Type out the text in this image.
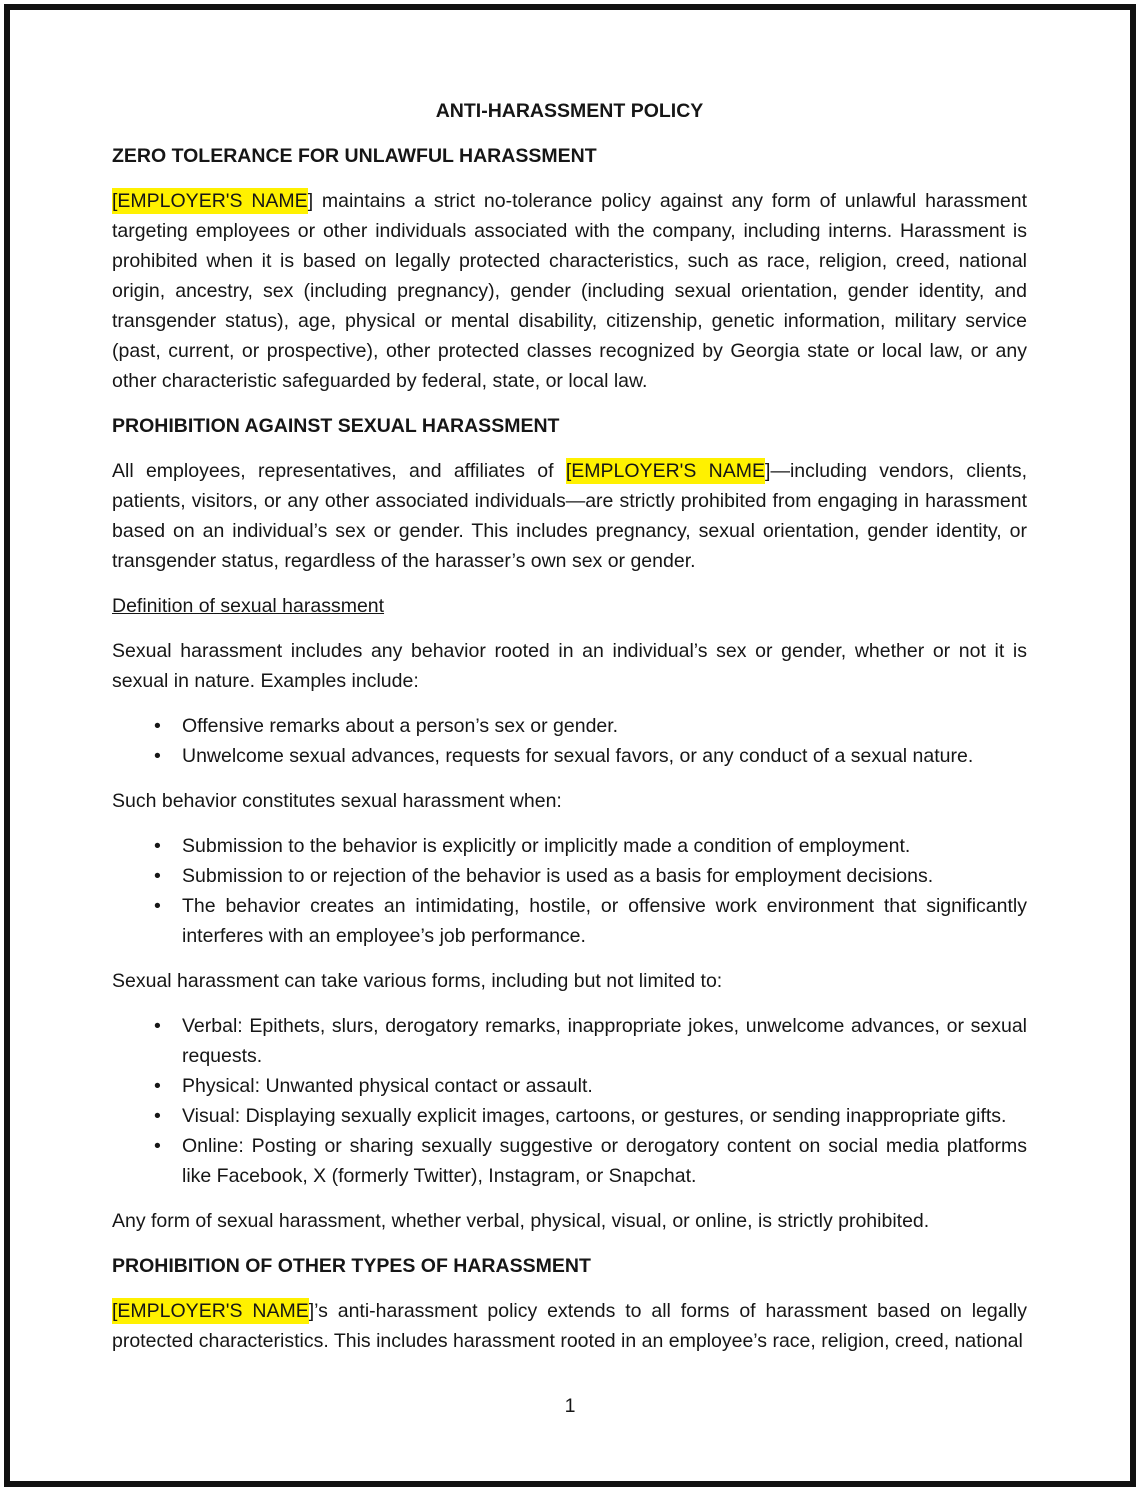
ANTI-HARASSMENT POLICY
ZERO TOLERANCE FOR UNLAWFUL HARASSMENT

[EMPLOYER'S NAME] maintains a strict no-tolerance policy against any form of unlawful harassment targeting employees or other individuals associated with the company, including interns. Harassment is prohibited when it is based on legally protected characteristics, such as race, religion, creed, national origin, ancestry, sex (including pregnancy), gender (including sexual orientation, gender identity, and transgender status), age, physical or mental disability, citizenship, genetic information, military service (past, current, or prospective), other protected classes recognized by Georgia state or local law, or any other characteristic safeguarded by federal, state, or local law.

PROHIBITION AGAINST SEXUAL HARASSMENT

All employees, representatives, and affiliates of [EMPLOYER'S NAME]—including vendors, clients, patients, visitors, or any other associated individuals—are strictly prohibited from engaging in harassment based on an individual’s sex or gender. This includes pregnancy, sexual orientation, gender identity, or transgender status, regardless of the harasser’s own sex or gender.

Definition of sexual harassment

Sexual harassment includes any behavior rooted in an individual’s sex or gender, whether or not it is sexual in nature. Examples include:

• Offensive remarks about a person’s sex or gender.
• Unwelcome sexual advances, requests for sexual favors, or any conduct of a sexual nature.

Such behavior constitutes sexual harassment when:

• Submission to the behavior is explicitly or implicitly made a condition of employment.
• Submission to or rejection of the behavior is used as a basis for employment decisions.
• The behavior creates an intimidating, hostile, or offensive work environment that significantly interferes with an employee’s job performance.

Sexual harassment can take various forms, including but not limited to:

• Verbal: Epithets, slurs, derogatory remarks, inappropriate jokes, unwelcome advances, or sexual requests.
• Physical: Unwanted physical contact or assault.
• Visual: Displaying sexually explicit images, cartoons, or gestures, or sending inappropriate gifts.
• Online: Posting or sharing sexually suggestive or derogatory content on social media platforms like Facebook, X (formerly Twitter), Instagram, or Snapchat.

Any form of sexual harassment, whether verbal, physical, visual, or online, is strictly prohibited.

PROHIBITION OF OTHER TYPES OF HARASSMENT

[EMPLOYER'S NAME]’s anti-harassment policy extends to all forms of harassment based on legally protected characteristics. This includes harassment rooted in an employee’s race, religion, creed, national

1
